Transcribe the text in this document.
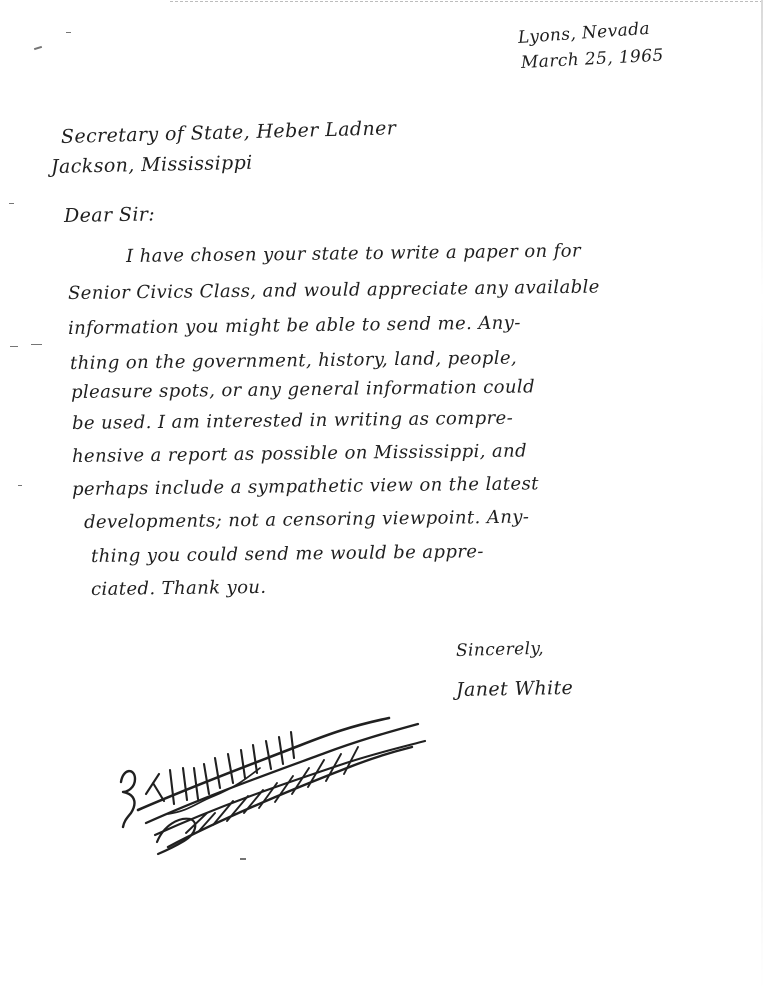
Lyons, Nevada
March 25, 1965
Secretary of State, Heber Ladner
Jackson, Mississippi
Dear Sir:
I have chosen your state to write a paper on for
Senior Civics Class, and would appreciate any available
information you might be able to send me. Any-
thing on the government, history, land, people,
pleasure spots, or any general information could
be used. I am interested in writing as compre-
hensive a report as possible on Mississippi, and
perhaps include a sympathetic view on the latest
developments; not a censoring viewpoint. Any-
thing you could send me would be appre-
ciated. Thank you.
Sincerely,
Janet White
